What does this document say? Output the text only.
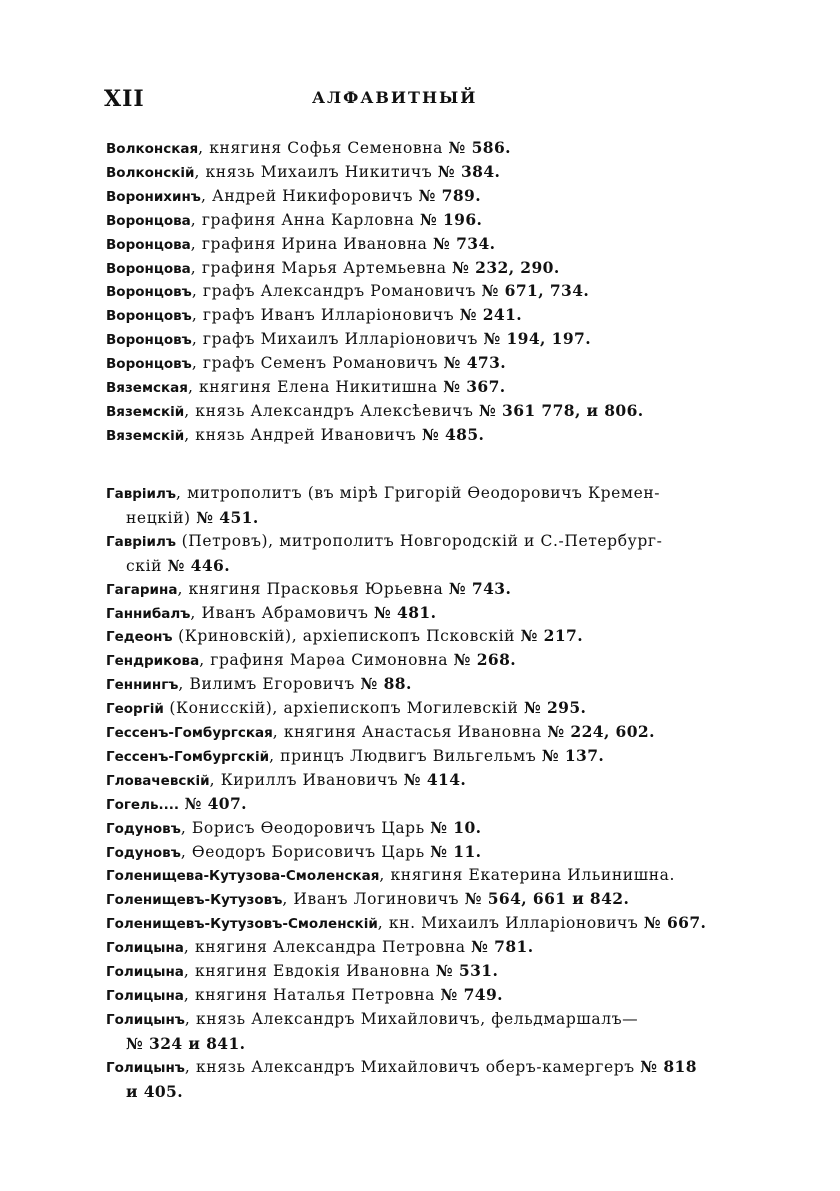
XII	АЛФАВИТНЫЙ
Волконская, княгиня Софья Семеновна № 586.
Волконскій, князь Михаилъ Никитичъ № 384.
Воронихинъ, Андрей Никифоровичъ № 789.
Воронцова, графиня Анна Карловна № 196.
Воронцова, графиня Ирина Ивановна № 734.
Воронцова, графиня Марья Артемьевна № 232, 290.
Воронцовъ, графъ Александръ Романовичъ № 671, 734.
Воронцовъ, графъ Иванъ Илларіоновичъ № 241.
Воронцовъ, графъ Михаилъ Илларіоновичъ № 194, 197.
Воронцовъ, графъ Семенъ Романовичъ № 473.
Вяземская, княгиня Елена Никитишна № 367.
Вяземскій, князь Александръ Алексѣевичъ № 361 778, и 806.
Вяземскій, князь Андрей Ивановичъ № 485.
Гавріилъ, митрополитъ (въ мірѣ Григорій Ѳеодоровичъ Кремен-
нецкій) № 451.
Гавріилъ (Петровъ), митрополитъ Новгородскій и С.-Петербург-
скій № 446.
Гагарина, княгиня Прасковья Юрьевна № 743.
Ганнибалъ, Иванъ Абрамовичъ № 481.
Гедеонъ (Криновскій), архіепископъ Псковскій № 217.
Гендрикова, графиня Марѳа Симоновна № 268.
Геннингъ, Вилимъ Егоровичъ № 88.
Георгій (Конисскій), архіепископъ Могилевскій № 295.
Гессенъ-Гомбургская, княгиня Анастасья Ивановна № 224, 602.
Гессенъ-Гомбургскій, принцъ Людвигъ Вильгельмъ № 137.
Гловачевскій, Кириллъ Ивановичъ № 414.
Гогель.... № 407.
Годуновъ, Борисъ Ѳеодоровичъ Царь № 10.
Годуновъ, Ѳеодоръ Борисовичъ Царь № 11.
Голенищева-Кутузова-Смоленская, княгиня Екатерина Ильинишна.
Голенищевъ-Кутузовъ, Иванъ Логиновичъ № 564, 661 и 842.
Голенищевъ-Кутузовъ-Смоленскій, кн. Михаилъ Илларіоновичъ № 667.
Голицына, княгиня Александра Петровна № 781.
Голицына, княгиня Евдокія Ивановна № 531.
Голицына, княгиня Наталья Петровна № 749.
Голицынъ, князь Александръ Михайловичъ, фельдмаршалъ—
№ 324 и 841.
Голицынъ, князь Александръ Михайловичъ оберъ-камергеръ № 818
и 405.
